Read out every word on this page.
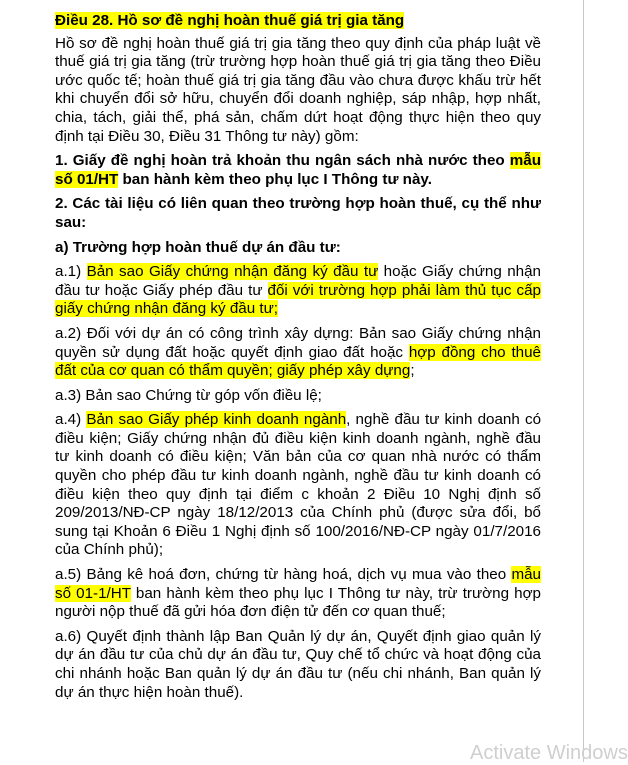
Điều 28. Hồ sơ đề nghị hoàn thuế giá trị gia tăng

Hồ sơ đề nghị hoàn thuế giá trị gia tăng theo quy định của pháp luật về thuế giá trị gia tăng (trừ trường hợp hoàn thuế giá trị gia tăng theo Điều ước quốc tế; hoàn thuế giá trị gia tăng đầu vào chưa được khấu trừ hết khi chuyển đổi sở hữu, chuyển đổi doanh nghiệp, sáp nhập, hợp nhất, chia, tách, giải thể, phá sản, chấm dứt hoạt động thực hiện theo quy định tại Điều 30, Điều 31 Thông tư này) gồm:

1. Giấy đề nghị hoàn trả khoản thu ngân sách nhà nước theo mẫu số 01/HT ban hành kèm theo phụ lục I Thông tư này.

2. Các tài liệu có liên quan theo trường hợp hoàn thuế, cụ thể như sau:

a) Trường hợp hoàn thuế dự án đầu tư:

a.1) Bản sao Giấy chứng nhận đăng ký đầu tư hoặc Giấy chứng nhận đầu tư hoặc Giấy phép đầu tư đối với trường hợp phải làm thủ tục cấp giấy chứng nhận đăng ký đầu tư;

a.2) Đối với dự án có công trình xây dựng: Bản sao Giấy chứng nhận quyền sử dụng đất hoặc quyết định giao đất hoặc hợp đồng cho thuê đất của cơ quan có thẩm quyền; giấy phép xây dựng;

a.3) Bản sao Chứng từ góp vốn điều lệ;

a.4) Bản sao Giấy phép kinh doanh ngành, nghề đầu tư kinh doanh có điều kiện; Giấy chứng nhận đủ điều kiện kinh doanh ngành, nghề đầu tư kinh doanh có điều kiện; Văn bản của cơ quan nhà nước có thẩm quyền cho phép đầu tư kinh doanh ngành, nghề đầu tư kinh doanh có điều kiện theo quy định tại điểm c khoản 2 Điều 10 Nghị định số 209/2013/NĐ-CP ngày 18/12/2013 của Chính phủ (được sửa đổi, bổ sung tại Khoản 6 Điều 1 Nghị định số 100/2016/NĐ-CP ngày 01/7/2016 của Chính phủ);

a.5) Bảng kê hoá đơn, chứng từ hàng hoá, dịch vụ mua vào theo mẫu số 01-1/HT ban hành kèm theo phụ lục I Thông tư này, trừ trường hợp người nộp thuế đã gửi hóa đơn điện tử đến cơ quan thuế;

a.6) Quyết định thành lập Ban Quản lý dự án, Quyết định giao quản lý dự án đầu tư của chủ dự án đầu tư, Quy chế tổ chức và hoạt động của chi nhánh hoặc Ban quản lý dự án đầu tư (nếu chi nhánh, Ban quản lý dự án thực hiện hoàn thuế).

Activate Windows
